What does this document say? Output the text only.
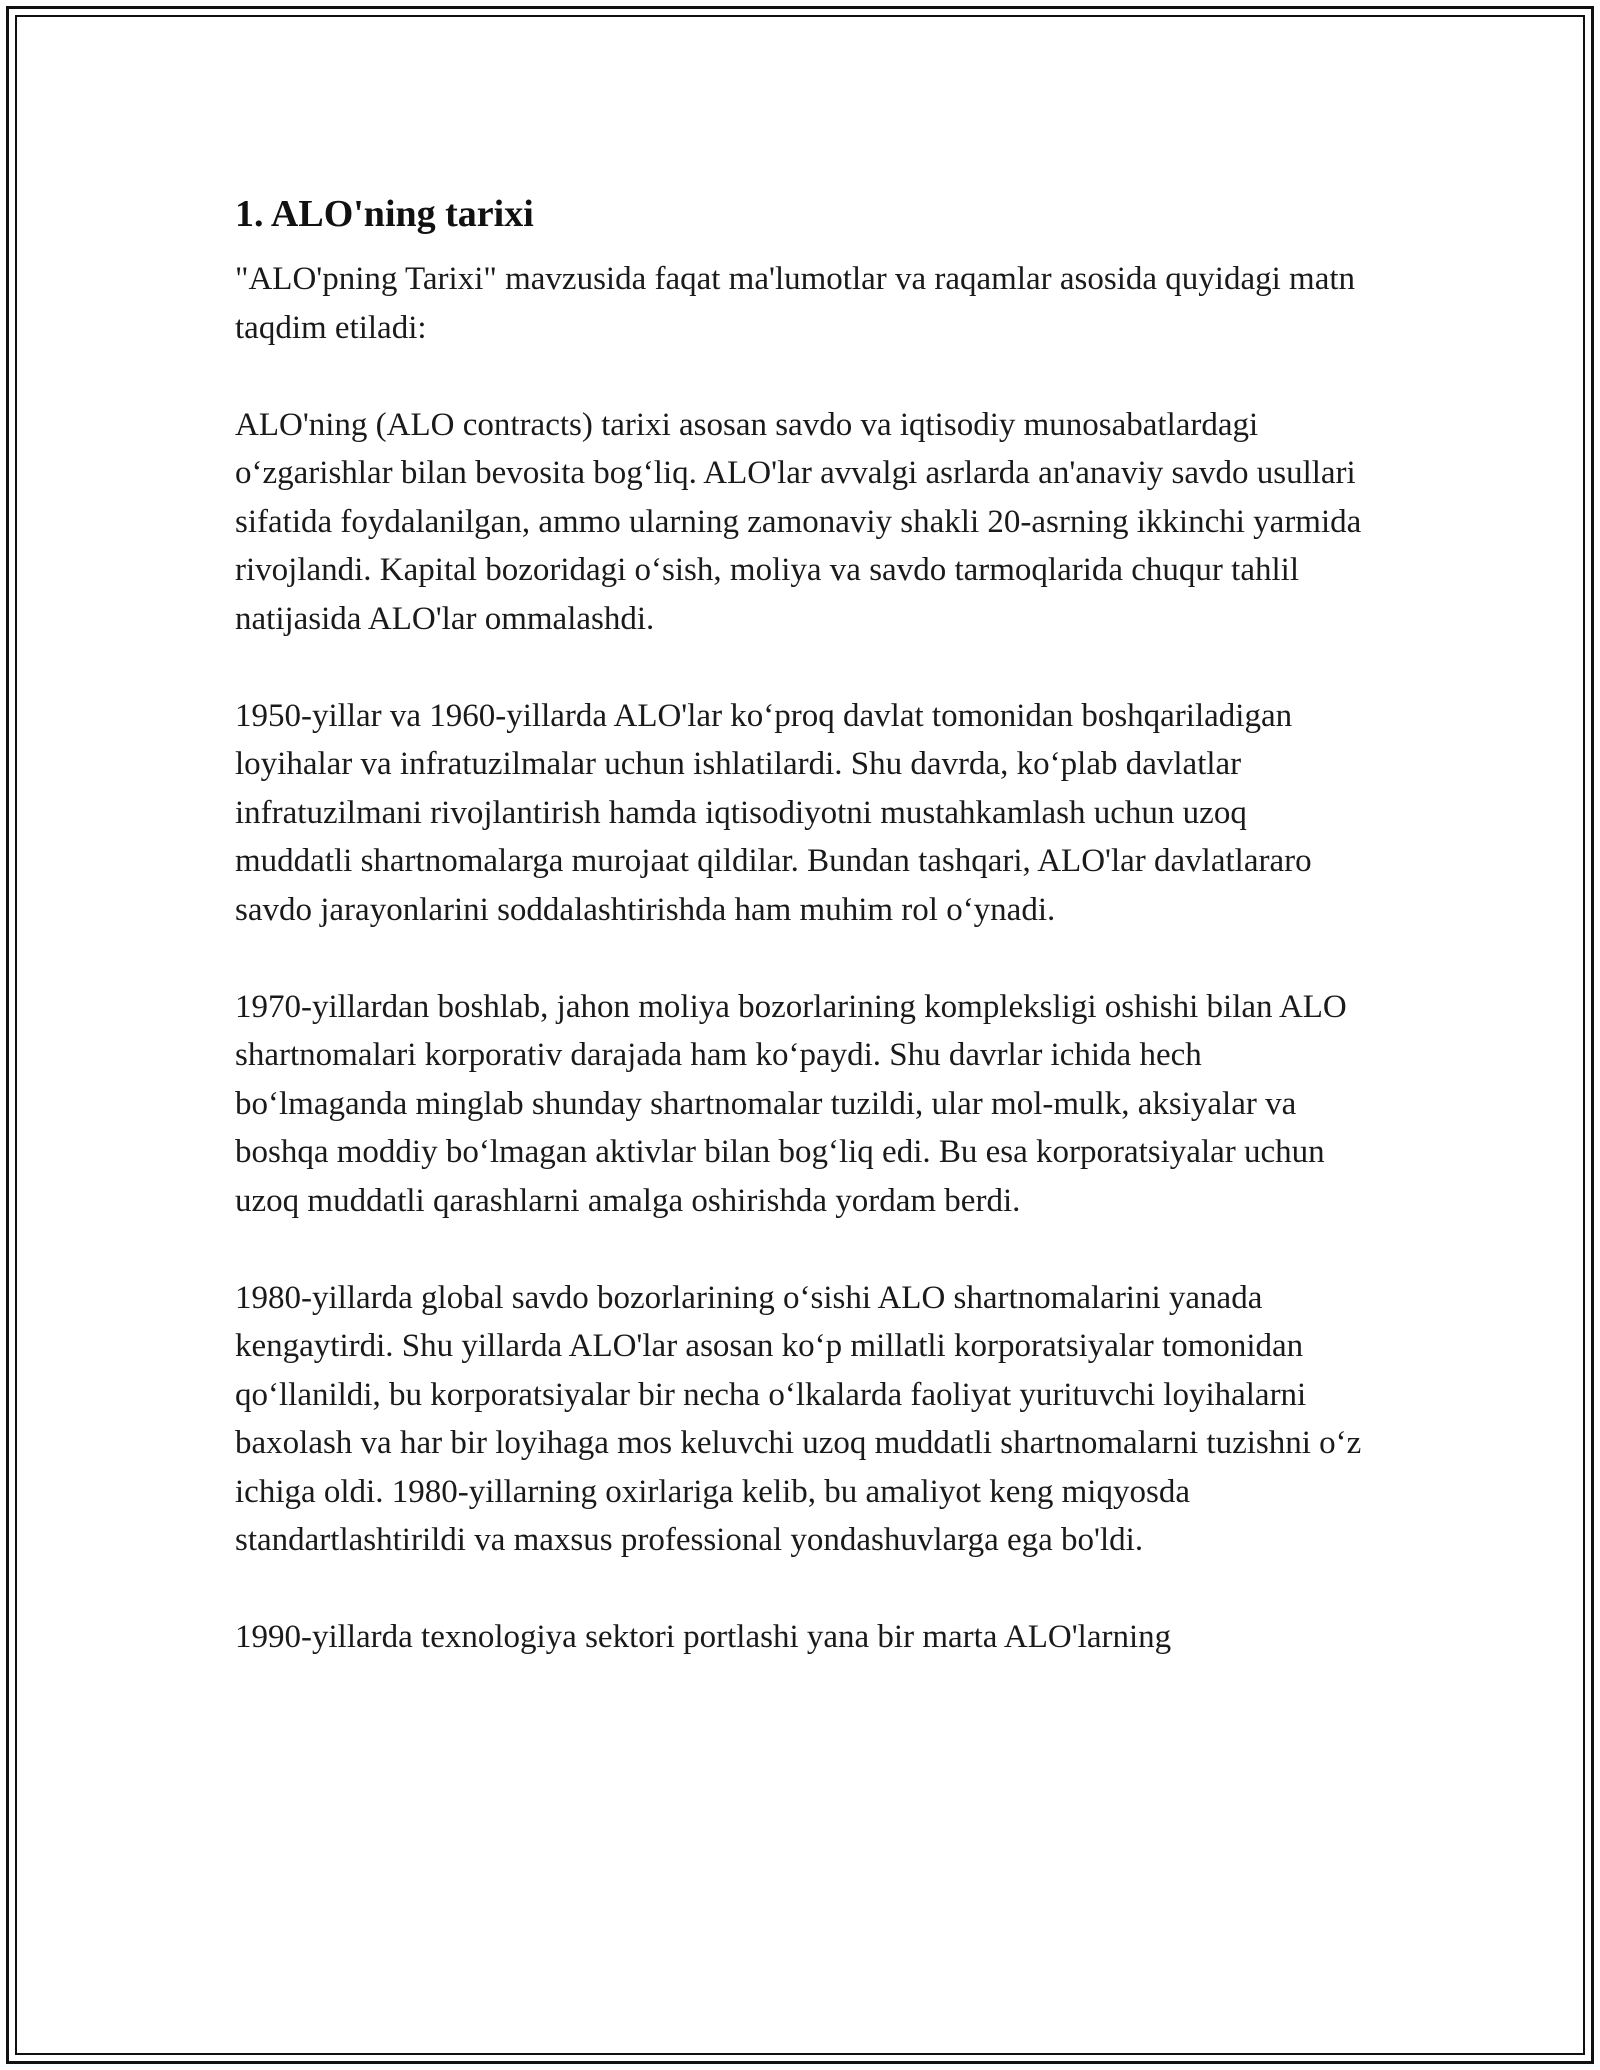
1. ALO'ning tarixi

"ALO'pning Tarixi" mavzusida faqat ma'lumotlar va raqamlar asosida quyidagi matn taqdim etiladi:

ALO'ning (ALO contracts) tarixi asosan savdo va iqtisodiy munosabatlardagi o‘zgarishlar bilan bevosita bog‘liq. ALO'lar avvalgi asrlarda an'anaviy savdo usullari sifatida foydalanilgan, ammo ularning zamonaviy shakli 20-asrning ikkinchi yarmida rivojlandi. Kapital bozoridagi o‘sish, moliya va savdo tarmoqlarida chuqur tahlil natijasida ALO'lar ommalashdi.

1950-yillar va 1960-yillarda ALO'lar ko‘proq davlat tomonidan boshqariladigan loyihalar va infratuzilmalar uchun ishlatilardi. Shu davrda, ko‘plab davlatlar infratuzilmani rivojlantirish hamda iqtisodiyotni mustahkamlash uchun uzoq muddatli shartnomalarga murojaat qildilar. Bundan tashqari, ALO'lar davlatlararo savdo jarayonlarini soddalashtirishda ham muhim rol o‘ynadi.

1970-yillardan boshlab, jahon moliya bozorlarining kompleksligi oshishi bilan ALO shartnomalari korporativ darajada ham ko‘paydi. Shu davrlar ichida hech bo‘lmaganda minglab shunday shartnomalar tuzildi, ular mol-mulk, aksiyalar va boshqa moddiy bo‘lmagan aktivlar bilan bog‘liq edi. Bu esa korporatsiyalar uchun uzoq muddatli qarashlarni amalga oshirishda yordam berdi.

1980-yillarda global savdo bozorlarining o‘sishi ALO shartnomalarini yanada kengaytirdi. Shu yillarda ALO'lar asosan ko‘p millatli korporatsiyalar tomonidan qo‘llanildi, bu korporatsiyalar bir necha o‘lkalarda faoliyat yurituvchi loyihalarni baxolash va har bir loyihaga mos keluvchi uzoq muddatli shartnomalarni tuzishni o‘z ichiga oldi. 1980-yillarning oxirlariga kelib, bu amaliyot keng miqyosda standartlashtirildi va maxsus professional yondashuvlarga ega bo'ldi.

1990-yillarda texnologiya sektori portlashi yana bir marta ALO'larning
